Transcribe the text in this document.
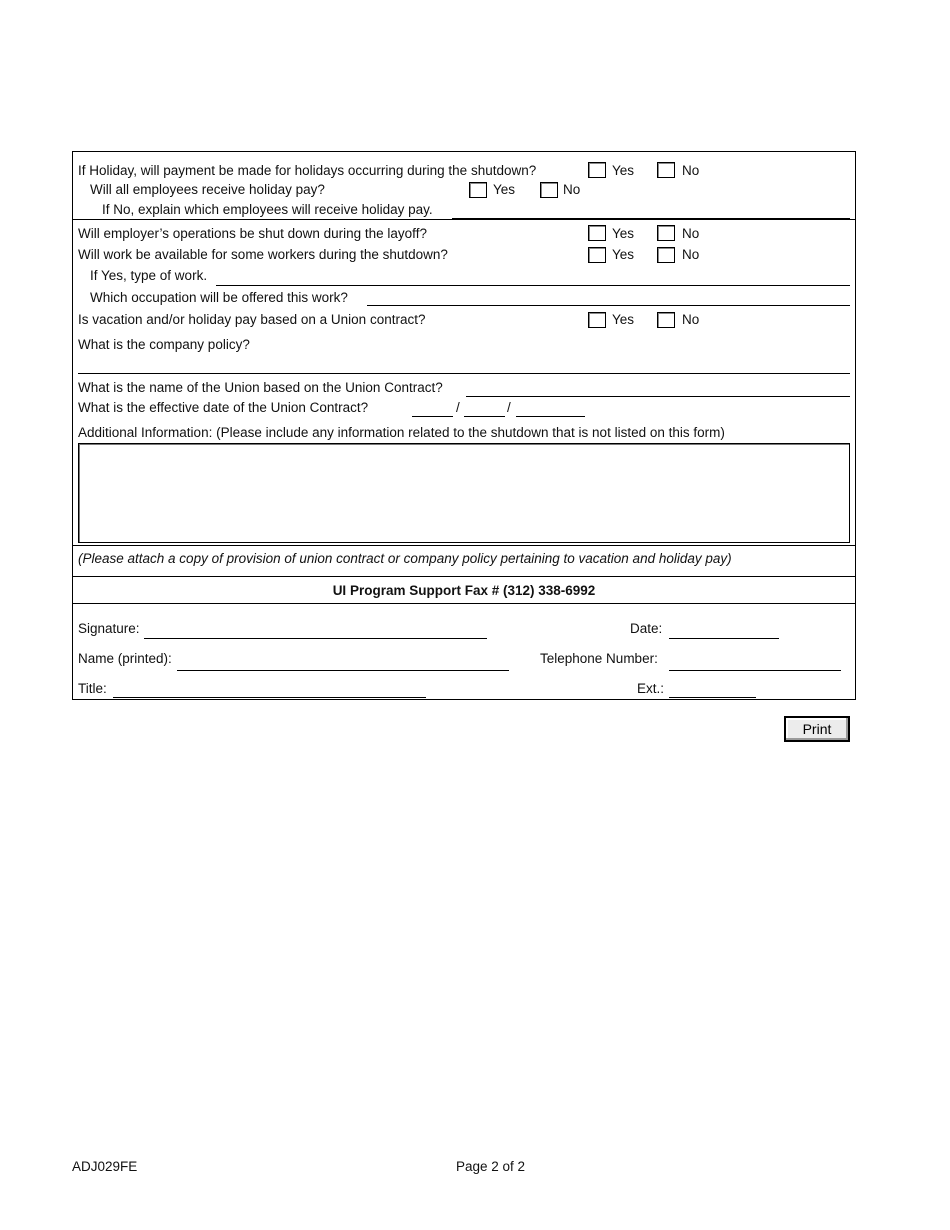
If Holiday, will payment be made for holidays occurring during the shutdown?	Yes	No
Will all employees receive holiday pay?	Yes	No
If No, explain which employees will receive holiday pay.
Will employer’s operations be shut down during the layoff?	Yes	No
Will work be available for some workers during the shutdown?	Yes	No
If Yes, type of work.
Which occupation will be offered this work?
Is vacation and/or holiday pay based on a Union contract?	Yes	No
What is the company policy?
What is the name of the Union based on the Union Contract?
What is the effective date of the Union Contract?	/	/
Additional Information: (Please include any information related to the shutdown that is not listed on this form)
(Please attach a copy of provision of union contract or company policy pertaining to vacation and holiday pay)
UI Program Support Fax # (312) 338-6992
Signature:	Date:
Name (printed):	Telephone Number:
Title:	Ext.:
Print
ADJ029FE	Page 2 of 2
